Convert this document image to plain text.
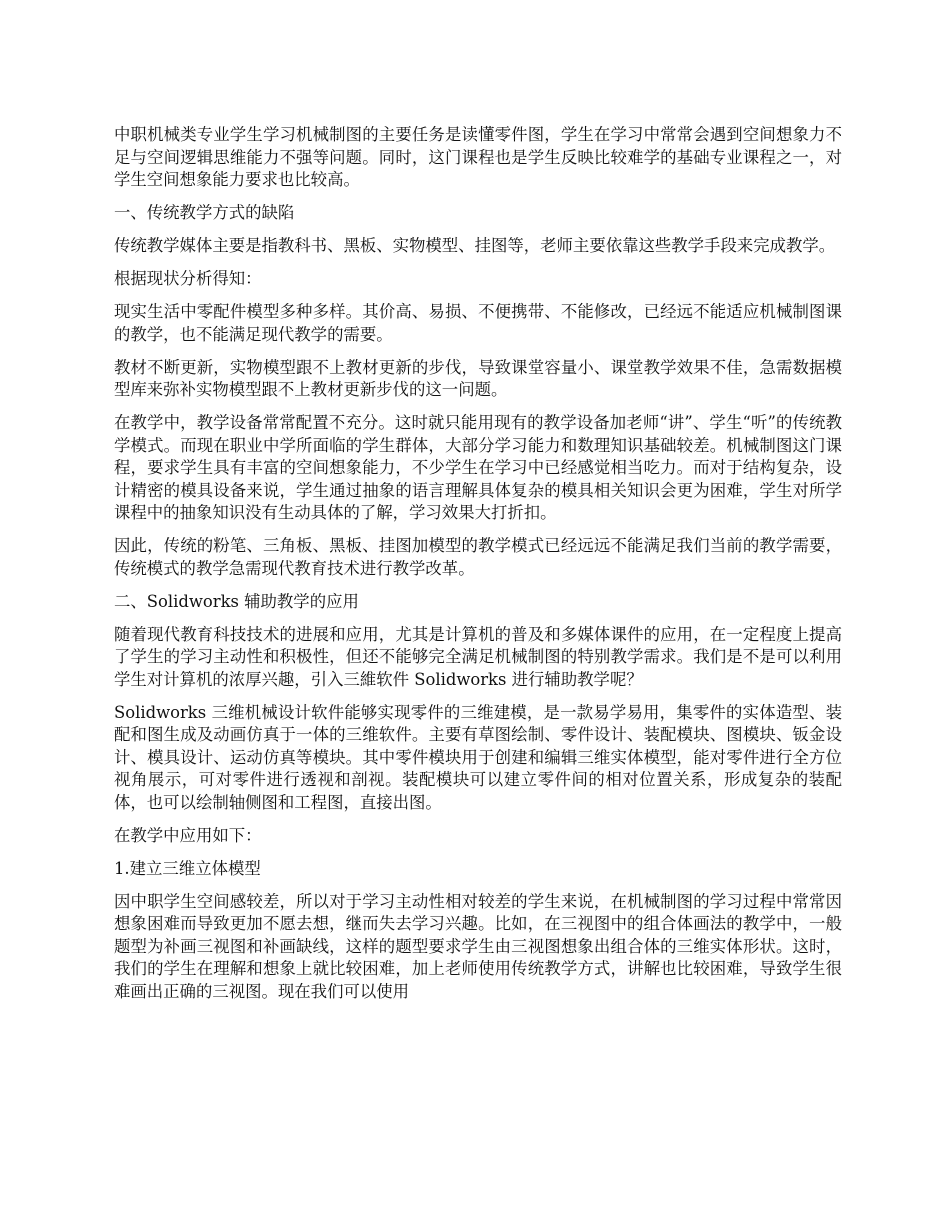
中职机械类专业学生学习机械制图的主要任务是读懂零件图，学生在学习中常常会遇到空间想象力不足与空间逻辑思维能力不强等问题。同时，这门课程也是学生反映比较难学的基础专业课程之一，对学生空间想象能力要求也比较高。

一、传统教学方式的缺陷

传统教学媒体主要是指教科书、黑板、实物模型、挂图等，老师主要依靠这些教学手段来完成教学。

根据现状分析得知：

现实生活中零配件模型多种多样。其价高、易损、不便携带、不能修改，已经远不能适应机械制图课的教学，也不能满足现代教学的需要。

教材不断更新，实物模型跟不上教材更新的步伐，导致课堂容量小、课堂教学效果不佳，急需数据模型库来弥补实物模型跟不上教材更新步伐的这一问题。

在教学中，教学设备常常配置不充分。这时就只能用现有的教学设备加老师“讲”、学生“听”的传统教学模式。而现在职业中学所面临的学生群体，大部分学习能力和数理知识基础较差。机械制图这门课程，要求学生具有丰富的空间想象能力，不少学生在学习中已经感觉相当吃力。而对于结构复杂，设计精密的模具设备来说，学生通过抽象的语言理解具体复杂的模具相关知识会更为困难，学生对所学课程中的抽象知识没有生动具体的了解，学习效果大打折扣。

因此，传统的粉笔、三角板、黑板、挂图加模型的教学模式已经远远不能满足我们当前的教学需要，传统模式的教学急需现代教育技术进行教学改革。

二、Solidworks 辅助教学的应用

随着现代教育科技技术的进展和应用，尤其是计算机的普及和多媒体课件的应用，在一定程度上提高了学生的学习主动性和积极性，但还不能够完全满足机械制图的特别教学需求。我们是不是可以利用学生对计算机的浓厚兴趣，引入三維软件 Solidworks 进行辅助教学呢？

Solidworks 三维机械设计软件能够实现零件的三维建模，是一款易学易用，集零件的实体造型、装配和图生成及动画仿真于一体的三维软件。主要有草图绘制、零件设计、装配模块、图模块、钣金设计、模具设计、运动仿真等模块。其中零件模块用于创建和编辑三维实体模型，能对零件进行全方位视角展示，可对零件进行透视和剖视。装配模块可以建立零件间的相对位置关系，形成复杂的装配体，也可以绘制轴侧图和工程图，直接出图。

在教学中应用如下：

1.建立三维立体模型

因中职学生空间感较差，所以对于学习主动性相对较差的学生来说，在机械制图的学习过程中常常因想象困难而导致更加不愿去想，继而失去学习兴趣。比如，在三视图中的组合体画法的教学中，一般题型为补画三视图和补画缺线，这样的题型要求学生由三视图想象出组合体的三维实体形状。这时，我们的学生在理解和想象上就比较困难，加上老师使用传统教学方式，讲解也比较困难，导致学生很难画出正确的三视图。现在我们可以使用
